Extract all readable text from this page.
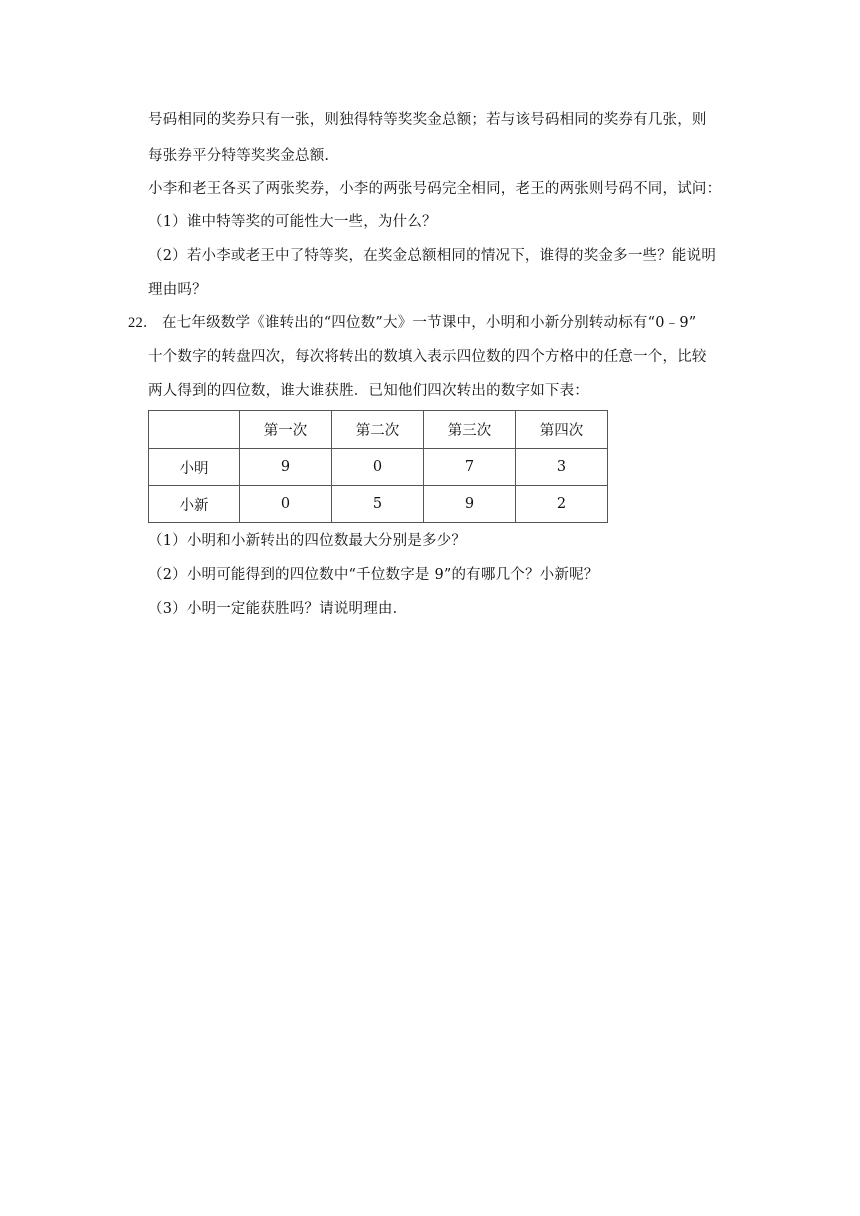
号码相同的奖券只有一张，则独得特等奖奖金总额；若与该号码相同的奖券有几张，则
每张券平分特等奖奖金总额.
小李和老王各买了两张奖券，小李的两张号码完全相同，老王的两张则号码不同，试问：
（1）谁中特等奖的可能性大一些，为什么？
（2）若小李或老王中了特等奖，在奖金总额相同的情况下，谁得的奖金多一些？能说明
理由吗？
22． 在七年级数学《谁转出的“四位数”大》一节课中，小明和小新分别转动标有“0﹣9”
十个数字的转盘四次，每次将转出的数填入表示四位数的四个方格中的任意一个，比较
两人得到的四位数，谁大谁获胜．已知他们四次转出的数字如下表：
	第一次	第二次	第三次	第四次
小明	9	0	7	3
小新	0	5	9	2
（1）小明和小新转出的四位数最大分别是多少？
（2）小明可能得到的四位数中“千位数字是 9”的有哪几个？小新呢？
（3）小明一定能获胜吗？请说明理由．
